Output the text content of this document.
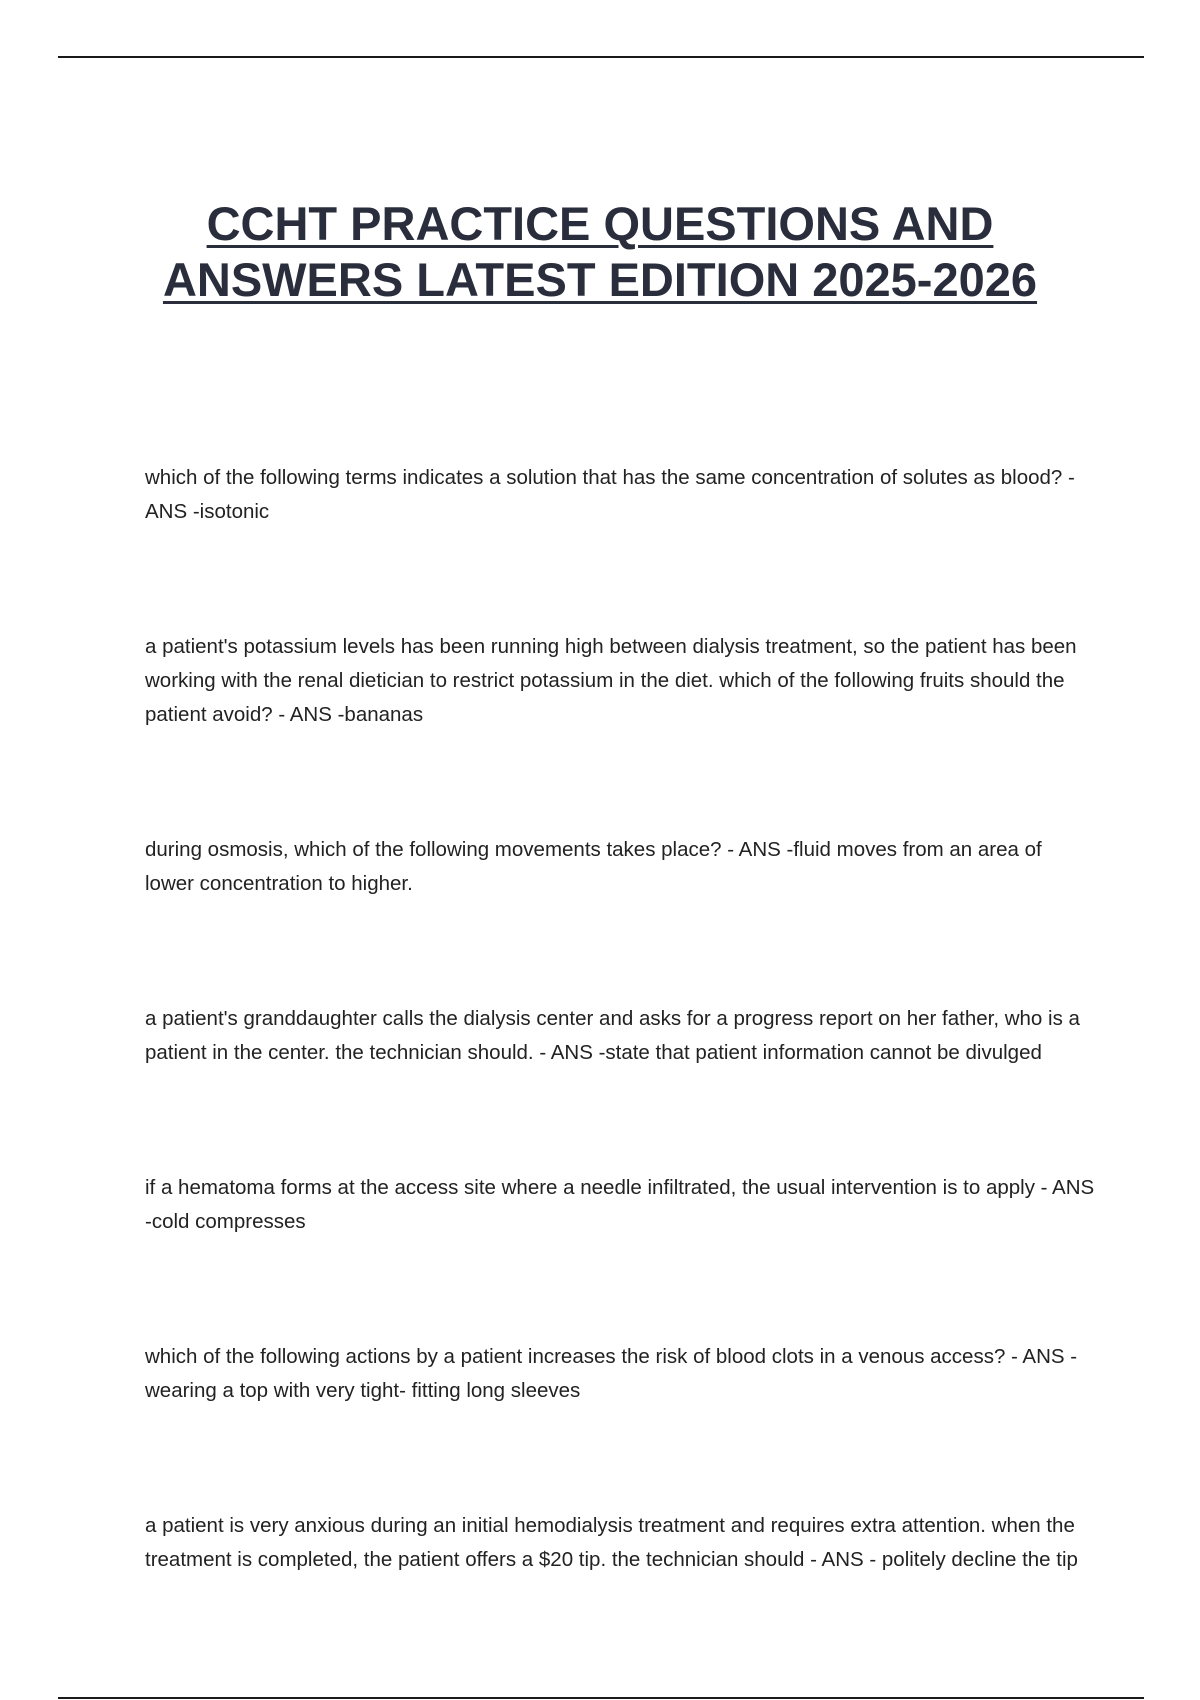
CCHT PRACTICE QUESTIONS AND ANSWERS LATEST EDITION 2025-2026

which of the following terms indicates a solution that has the same concentration of solutes as blood? - ANS -isotonic

a patient's potassium levels has been running high between dialysis treatment, so the patient has been working with the renal dietician to restrict potassium in the diet. which of the following fruits should the patient avoid? - ANS -bananas

during osmosis, which of the following movements takes place? - ANS -fluid moves from an area of lower concentration to higher.

a patient's granddaughter calls the dialysis center and asks for a progress report on her father, who is a patient in the center. the technician should. - ANS -state that patient information cannot be divulged

if a hematoma forms at the access site where a needle infiltrated, the usual intervention is to apply - ANS -cold compresses

which of the following actions by a patient increases the risk of blood clots in a venous access? - ANS -wearing a top with very tight- fitting long sleeves

a patient is very anxious during an initial hemodialysis treatment and requires extra attention. when the treatment is completed, the patient offers a $20 tip. the technician should - ANS - politely decline the tip
